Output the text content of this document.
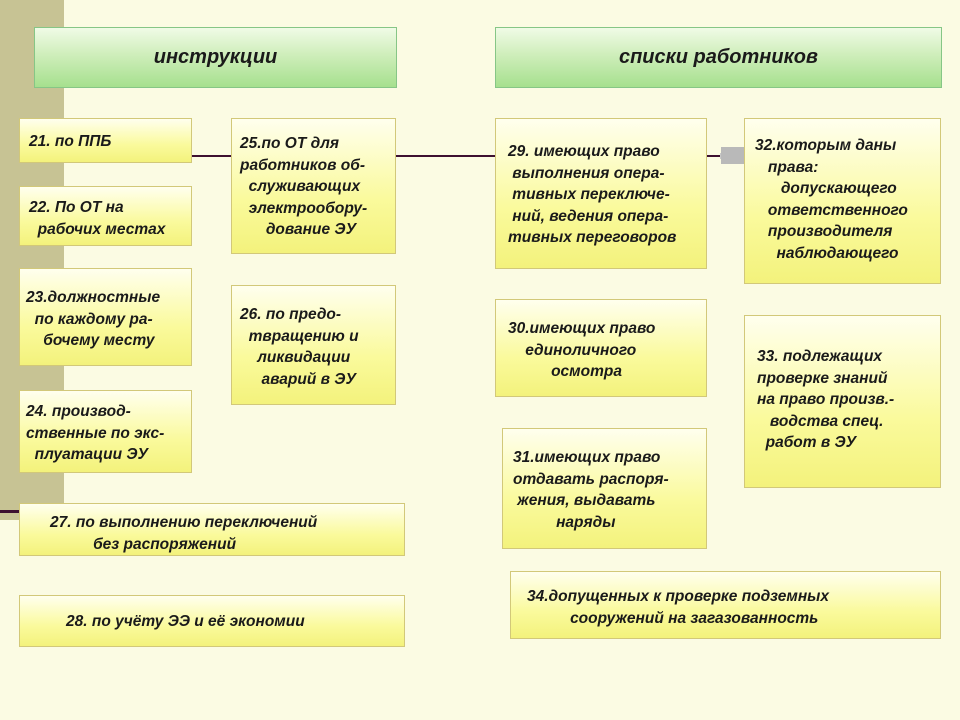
инструкции	списки работников
21. по ППБ
22. По ОТ на
рабочих местах
23.должностные
по каждому ра-
бочему месту
24. производ-
ственные по экс-
плуатации ЭУ
25.по ОТ для
работников об-
служивающих
электрообору-
дование ЭУ
26. по предо-
твращению и
ликвидации
аварий в ЭУ
27. по выполнению переключений
без распоряжений
28. по учёту ЭЭ и её экономии
29. имеющих право
выполнения опера-
тивных переключе-
ний, ведения опера-
тивных переговоров
30.имеющих право
единоличного
осмотра
31.имеющих право
отдавать распоря-
жения, выдавать
наряды
32.которым даны
права:
допускающего
ответственного
производителя
наблюдающего
33. подлежащих
проверке знаний
на право произв.-
водства спец.
работ в ЭУ
34.допущенных к проверке подземных
сооружений на загазованность
